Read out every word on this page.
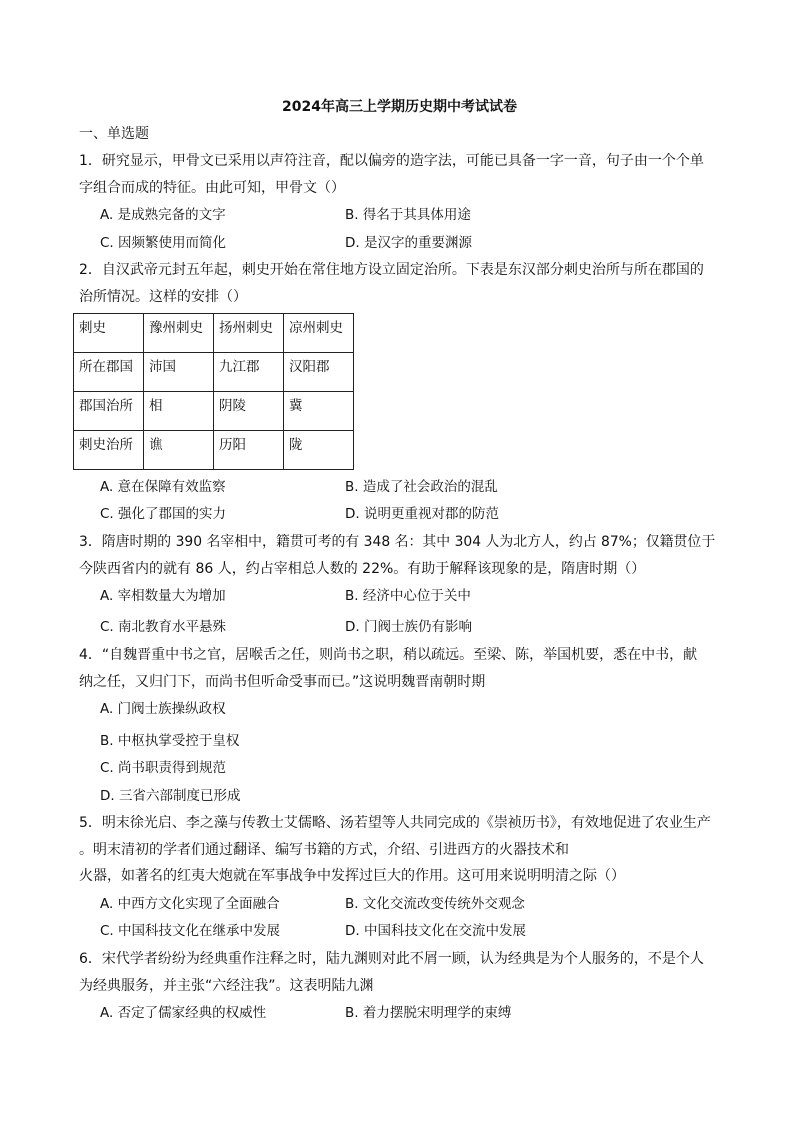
2024年高三上学期历史期中考试试卷
一、单选题
1．研究显示，甲骨文已采用以声符注音，配以偏旁的造字法，可能已具备一字一音，句子由一个个单
字组合而成的特征。由此可知，甲骨文（）
A. 是成熟完备的文字	B. 得名于其具体用途
C. 因频繁使用而简化	D. 是汉字的重要渊源
2．自汉武帝元封五年起，刺史开始在常住地方设立固定治所。下表是东汉部分刺史治所与所在郡国的
治所情况。这样的安排（）
刺史	豫州刺史	扬州刺史	凉州刺史
所在郡国	沛国	九江郡	汉阳郡
郡国治所	相	阴陵	冀
刺史治所	谯	历阳	陇
A. 意在保障有效监察	B. 造成了社会政治的混乱
C. 强化了郡国的实力	D. 说明更重视对郡的防范
3．隋唐时期的 390 名宰相中，籍贯可考的有 348 名：其中 304 人为北方人，约占 87%；仅籍贯位于
今陕西省内的就有 86 人，约占宰相总人数的 22%。有助于解释该现象的是，隋唐时期（）
A. 宰相数量大为增加	B. 经济中心位于关中
C. 南北教育水平悬殊	D. 门阀士族仍有影响
4．“自魏晋重中书之官，居喉舌之任，则尚书之职，稍以疏远。至梁、陈，举国机要，悉在中书，献
纳之任，又归门下，而尚书但听命受事而已。”这说明魏晋南朝时期
A. 门阀士族操纵政权
B. 中枢执掌受控于皇权
C. 尚书职责得到规范
D. 三省六部制度已形成
5．明末徐光启、李之藻与传教士艾儒略、汤若望等人共同完成的《崇祯历书》，有效地促进了农业生产
。明末清初的学者们通过翻译、编写书籍的方式，介绍、引进西方的火器技术和
火器，如著名的红夷大炮就在军事战争中发挥过巨大的作用。这可用来说明明清之际（）
A. 中西方文化实现了全面融合	B. 文化交流改变传统外交观念
C. 中国科技文化在继承中发展	D. 中国科技文化在交流中发展
6．宋代学者纷纷为经典重作注释之时，陆九渊则对此不屑一顾，认为经典是为个人服务的，不是个人
为经典服务，并主张“六经注我”。这表明陆九渊
A. 否定了儒家经典的权威性	B. 着力摆脱宋明理学的束缚
